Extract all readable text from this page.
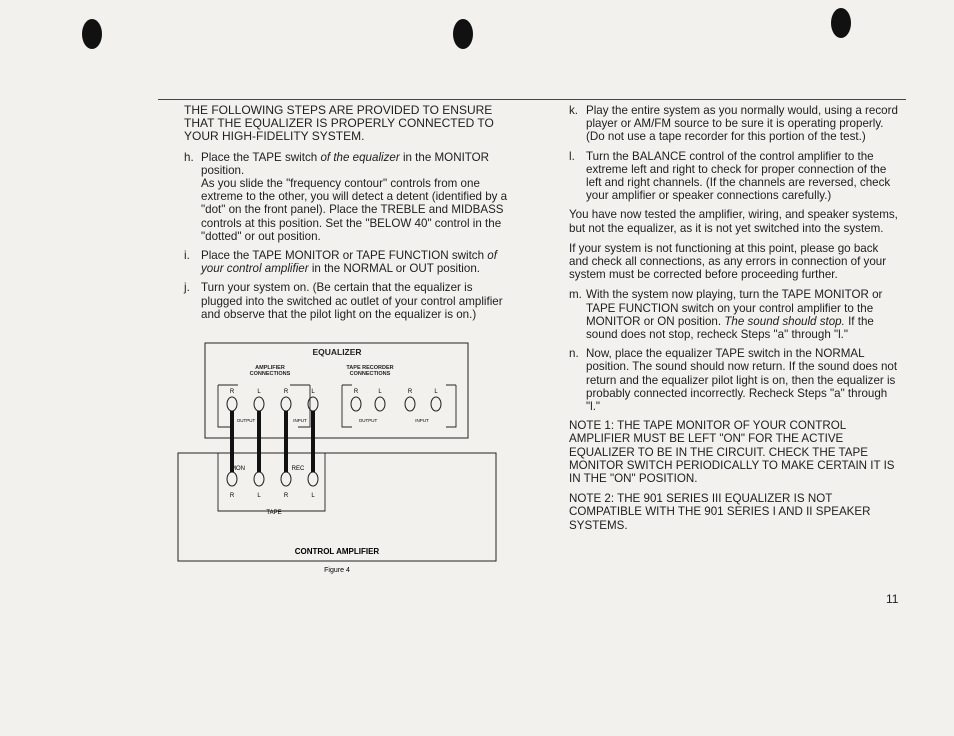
THE FOLLOWING STEPS ARE PROVIDED TO ENSURE THAT THE EQUALIZER IS PROPERLY CONNECTED TO YOUR HIGH-FIDELITY SYSTEM.

h. Place the TAPE switch of the equalizer in the MONITOR position.

As you slide the "frequency contour" controls from one extreme to the other, you will detect a detent (identified by a "dot" on the front panel). Place the TREBLE and MIDBASS controls at this position. Set the "BELOW 40" control in the "dotted" or out position.

i. Place the TAPE MONITOR or TAPE FUNCTION switch of your control amplifier in the NORMAL or OUT position.

j. Turn your system on. (Be certain that the equalizer is plugged into the switched ac outlet of your control amplifier and observe that the pilot light on the equalizer is on.)

EQUALIZER
AMPLIFIER CONNECTIONS
TAPE RECORDER
CONNECTIONS
R	L	R	L	R	L	R	L
OUTPUT	INPUT	OUTPUT	INPUT
MON	REC
R	L	R	L
TAPE
CONTROL AMPLIFIER
Figure 4
k. Play the entire system as you normally would, using a record player or AM/FM source to be sure it is operating properly. (Do not use a tape recorder for this portion of the test.)

l. Turn the BALANCE control of the control amplifier to the extreme left and right to check for proper connection of the left and right channels. (If the channels are reversed, check your amplifier or speaker connections carefully.)

You have now tested the amplifier, wiring, and speaker systems, but not the equalizer, as it is not yet switched into the system.

If your system is not functioning at this point, please go back and check all connections, as any errors in connection of your system must be corrected before proceeding further.

m. With the system now playing, turn the TAPE MONITOR or TAPE FUNCTION switch on your control amplifier to the MONITOR or ON position. The sound should stop. If the sound does not stop, recheck Steps "a" through "l."

n. Now, place the equalizer TAPE switch in the NORMAL position. The sound should now return. If the sound does not return and the equalizer pilot light is on, then the equalizer is probably connected incorrectly. Recheck Steps "a" through "l."

NOTE 1: THE TAPE MONITOR OF YOUR CONTROL AMPLIFIER MUST BE LEFT "ON" FOR THE ACTIVE EQUALIZER TO BE IN THE CIRCUIT. CHECK THE TAPE MONITOR SWITCH PERIODICALLY TO MAKE CERTAIN IT IS IN THE "ON" POSITION.

NOTE 2: THE 901 SERIES III EQUALIZER IS NOT COMPATIBLE WITH THE 901 SERIES I AND II SPEAKER SYSTEMS.

11
